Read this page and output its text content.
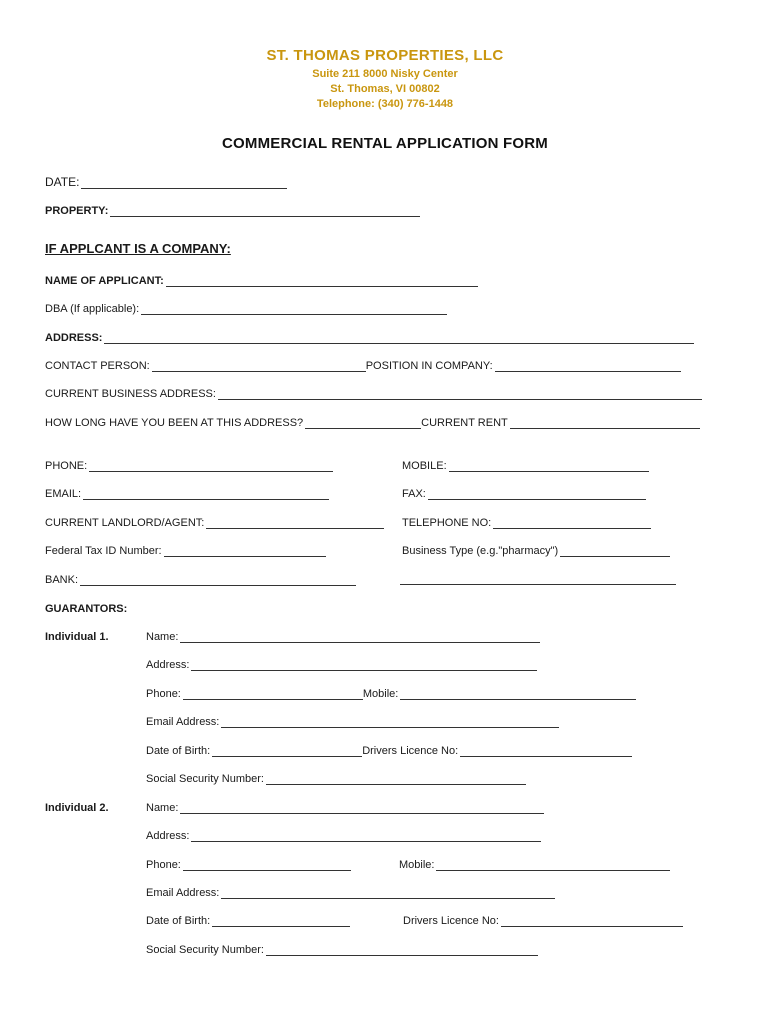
ST. THOMAS PROPERTIES, LLC
Suite 211 8000 Nisky Center
St. Thomas, VI 00802
Telephone: (340) 776-1448
COMMERCIAL RENTAL APPLICATION FORM
DATE:
PROPERTY:
IF APPLCANT IS A COMPANY:
NAME OF APPLICANT:
DBA (If applicable):
ADDRESS:
CONTACT PERSON:	POSITION IN COMPANY:
CURRENT BUSINESS ADDRESS:
HOW LONG HAVE YOU BEEN AT THIS ADDRESS?	CURRENT RENT
PHONE:	MOBILE:
EMAIL:	FAX:
CURRENT LANDLORD/AGENT:	TELEPHONE NO:
Federal Tax ID Number:	Business Type (e.g."pharmacy")
BANK:
GUARANTORS:
Individual 1.	Name:
Address:
Phone:	Mobile:
Email Address:
Date of Birth:	Drivers Licence No:
Social Security Number:
Individual 2.	Name:
Address:
Phone:	Mobile:
Email Address:
Date of Birth:	Drivers Licence No:
Social Security Number:
